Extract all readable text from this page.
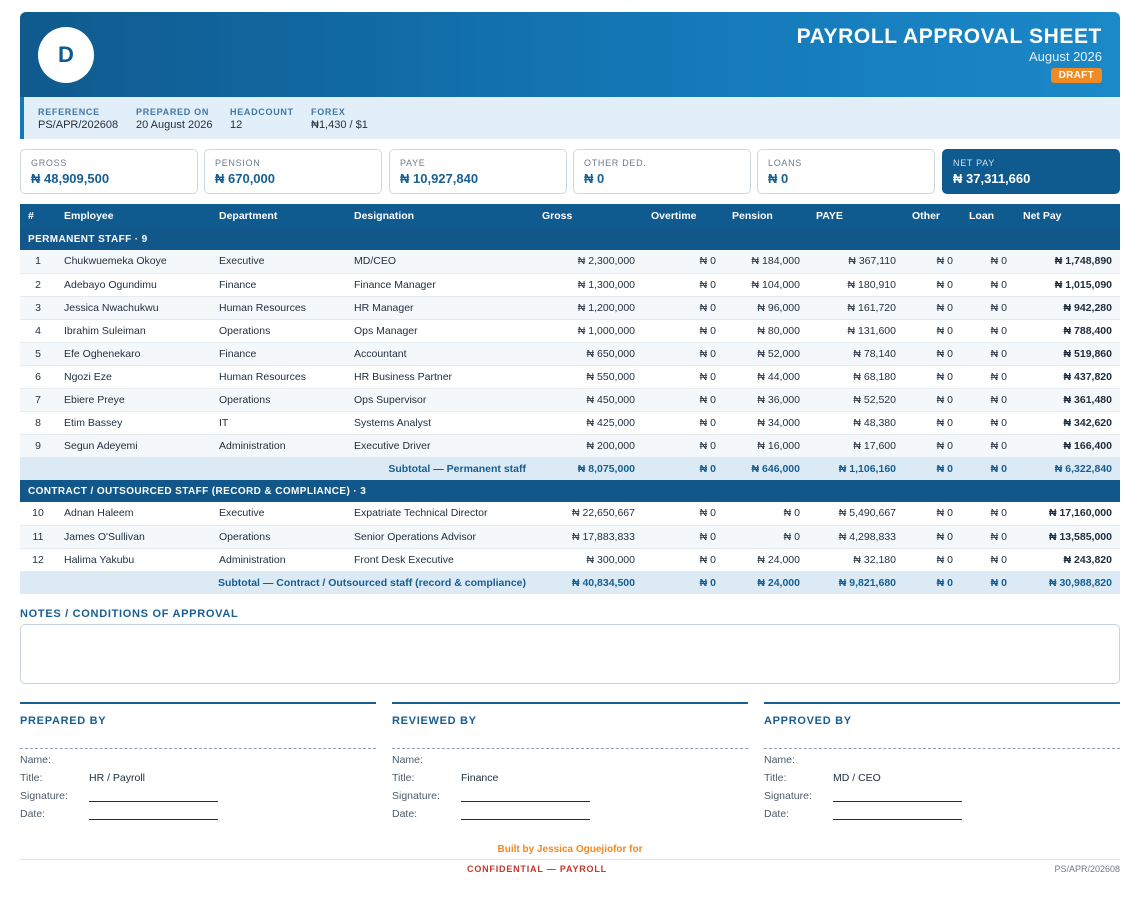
D
PAYROLL APPROVAL SHEET
August 2026
DRAFT
REFERENCE
PS/APR/202608
PREPARED ON
20 August 2026
HEADCOUNT
12
FOREX
₦1,430 / $1
GROSS
₦ 48,909,500
PENSION
₦ 670,000
PAYE
₦ 10,927,840
OTHER DED.
₦ 0
LOANS
₦ 0
NET PAY
₦ 37,311,660
#	Employee	Department	Designation	Gross	Overtime	Pension	PAYE	Other	Loan	Net Pay
PERMANENT STAFF · 9										
1	Chukwuemeka Okoye	Executive	MD/CEO	₦ 2,300,000	₦ 0	₦ 184,000	₦ 367,110	₦ 0	₦ 0	₦ 1,748,890
2	Adebayo Ogundimu	Finance	Finance Manager	₦ 1,300,000	₦ 0	₦ 104,000	₦ 180,910	₦ 0	₦ 0	₦ 1,015,090
3	Jessica Nwachukwu	Human Resources	HR Manager	₦ 1,200,000	₦ 0	₦ 96,000	₦ 161,720	₦ 0	₦ 0	₦ 942,280
4	Ibrahim Suleiman	Operations	Ops Manager	₦ 1,000,000	₦ 0	₦ 80,000	₦ 131,600	₦ 0	₦ 0	₦ 788,400
5	Efe Oghenekaro	Finance	Accountant	₦ 650,000	₦ 0	₦ 52,000	₦ 78,140	₦ 0	₦ 0	₦ 519,860
6	Ngozi Eze	Human Resources	HR Business Partner	₦ 550,000	₦ 0	₦ 44,000	₦ 68,180	₦ 0	₦ 0	₦ 437,820
7	Ebiere Preye	Operations	Ops Supervisor	₦ 450,000	₦ 0	₦ 36,000	₦ 52,520	₦ 0	₦ 0	₦ 361,480
8	Etim Bassey	IT	Systems Analyst	₦ 425,000	₦ 0	₦ 34,000	₦ 48,380	₦ 0	₦ 0	₦ 342,620
9	Segun Adeyemi	Administration	Executive Driver	₦ 200,000	₦ 0	₦ 16,000	₦ 17,600	₦ 0	₦ 0	₦ 166,400
Subtotal — Permanent staff				₦ 8,075,000	₦ 0	₦ 646,000	₦ 1,106,160	₦ 0	₦ 0	₦ 6,322,840
CONTRACT / OUTSOURCED STAFF (RECORD & COMPLIANCE) · 3										
10	Adnan Haleem	Executive	Expatriate Technical Director	₦ 22,650,667	₦ 0	₦ 0	₦ 5,490,667	₦ 0	₦ 0	₦ 17,160,000
11	James O'Sullivan	Operations	Senior Operations Advisor	₦ 17,883,833	₦ 0	₦ 0	₦ 4,298,833	₦ 0	₦ 0	₦ 13,585,000
12	Halima Yakubu	Administration	Front Desk Executive	₦ 300,000	₦ 0	₦ 24,000	₦ 32,180	₦ 0	₦ 0	₦ 243,820
Subtotal — Contract / Outsourced staff (record & compliance)				₦ 40,834,500	₦ 0	₦ 24,000	₦ 9,821,680	₦ 0	₦ 0	₦ 30,988,820
NOTES / CONDITIONS OF APPROVAL
PREPARED BY
Name:
Title:	HR / Payroll
Signature:
Date:
REVIEWED BY
Name:
Title:	Finance
Signature:
Date:
APPROVED BY
Name:
Title:	MD / CEO
Signature:
Date:
Built by Jessica Oguejiofor for
CONFIDENTIAL — PAYROLL	PS/APR/202608
